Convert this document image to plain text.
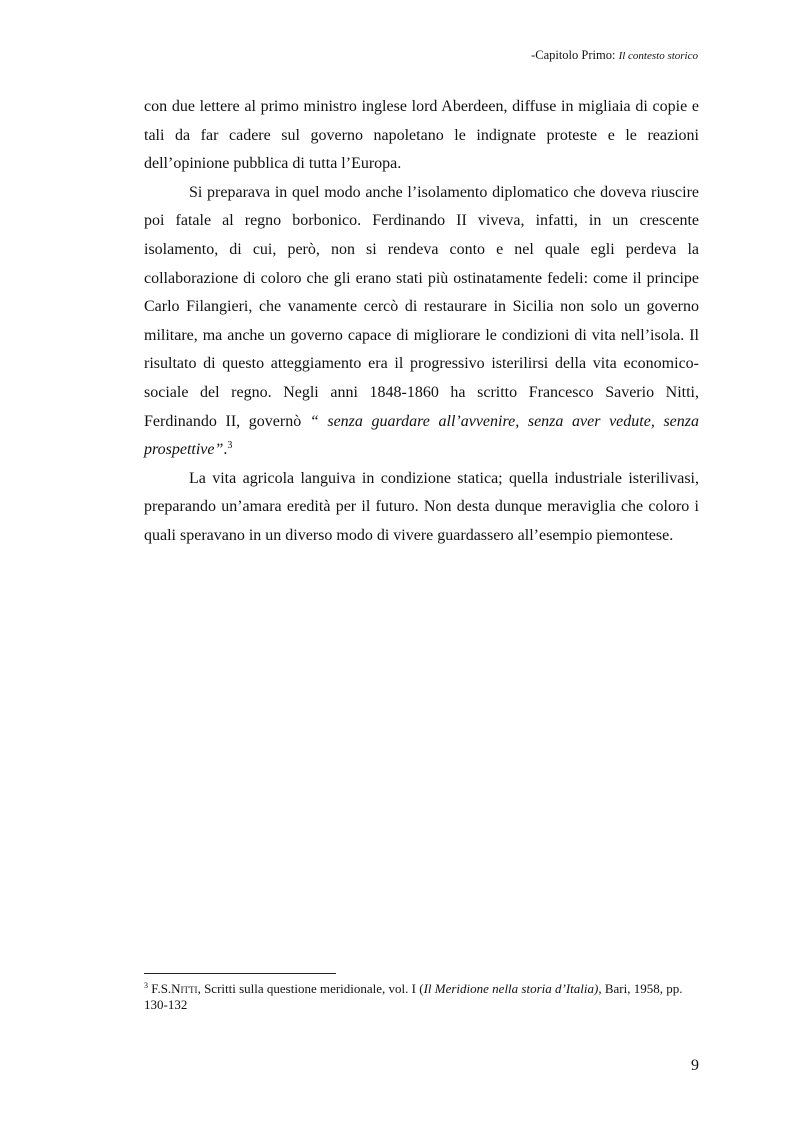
-Capitolo Primo: Il contesto storico

con due lettere al primo ministro inglese lord Aberdeen, diffuse in migliaia di copie e tali da far cadere sul governo napoletano le indignate proteste e le reazioni dell’opinione pubblica di tutta l’Europa.

Si preparava in quel modo anche l’isolamento diplomatico che doveva riuscire poi fatale al regno borbonico. Ferdinando II viveva, infatti, in un crescente isolamento, di cui, però, non si rendeva conto e nel quale egli perdeva la collaborazione di coloro che gli erano stati più ostinatamente fedeli: come il principe Carlo Filangieri, che vanamente cercò di restaurare in Sicilia non solo un governo militare, ma anche un governo capace di migliorare le condizioni di vita nell’isola. Il risultato di questo atteggiamento era il progressivo isterilirsi della vita economico-sociale del regno. Negli anni 1848-1860 ha scritto Francesco Saverio Nitti, Ferdinando II, governò “ senza guardare all’avvenire, senza aver vedute, senza prospettive”.$^3$

La vita agricola languiva in condizione statica; quella industriale isterilivasi, preparando un’amara eredità per il futuro. Non desta dunque meraviglia che coloro i quali speravano in un diverso modo di vivere guardassero all’esempio piemontese.

$^3$ F.S.Nitti, Scritti sulla questione meridionale, vol. I (Il Meridione nella storia d’Italia), Bari, 1958, pp. 130-132
9
